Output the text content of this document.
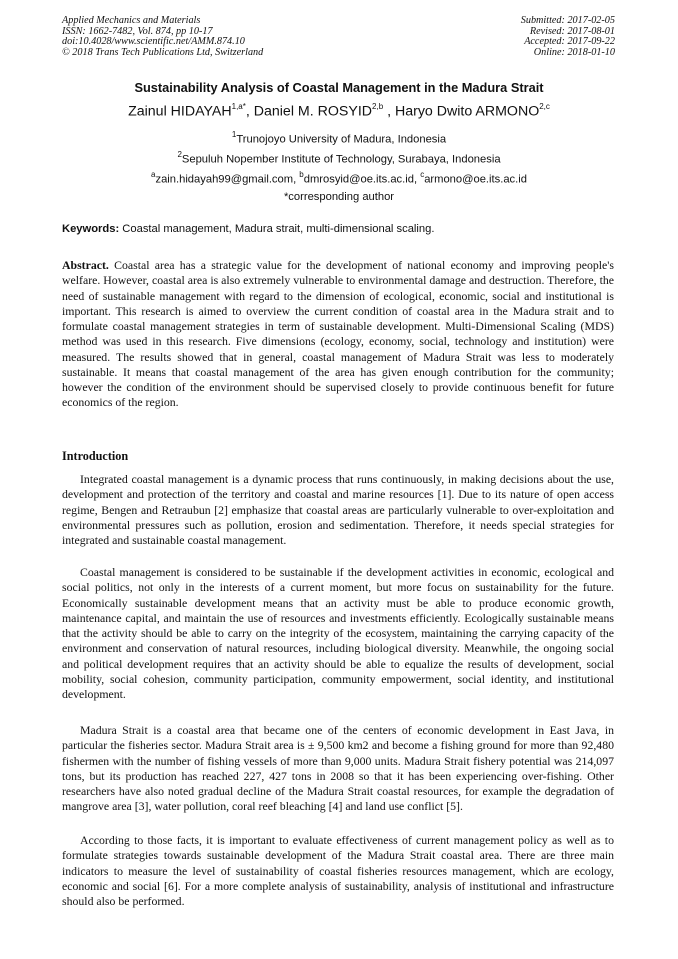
Applied Mechanics and Materials
ISSN: 1662-7482, Vol. 874, pp 10-17
doi:10.4028/www.scientific.net/AMM.874.10
© 2018 Trans Tech Publications Ltd, Switzerland
Submitted: 2017-02-05
Revised: 2017-08-01
Accepted: 2017-09-22
Online: 2018-01-10
Sustainability Analysis of Coastal Management in the Madura Strait
Zainul $HIDAYAH^{1,a*}$, Daniel M. ROSYID$^{2,b}$ , Haryo Dwito ARMONO$^{2,c}$
$^1$Trunojoyo University of Madura, Indonesia
$^2$Sepuluh Nopember Institute of Technology, Surabaya, Indonesia
$^a$zain.hidayah99@gmail.com, $^b$dmrosyid@oe.its.ac.id, $^c$armono@oe.its.ac.id
*corresponding author
Keywords: Coastal management, Madura strait, multi-dimensional scaling.

Abstract. Coastal area has a strategic value for the development of national economy and improving people's welfare. However, coastal area is also extremely vulnerable to environmental damage and destruction. Therefore, the need of sustainable management with regard to the dimension of ecological, economic, social and institutional is important. This research is aimed to overview the current condition of coastal area in the Madura strait and to formulate coastal management strategies in term of sustainable development. Multi-Dimensional Scaling (MDS) method was used in this research. Five dimensions (ecology, economy, social, technology and institution) were measured. The results showed that in general, coastal management of Madura Strait was less to moderately sustainable. It means that coastal management of the area has given enough contribution for the community; however the condition of the environment should be supervised closely to provide continuous benefit for future economics of the region.

Introduction

Integrated coastal management is a dynamic process that runs continuously, in making decisions about the use, development and protection of the territory and coastal and marine resources [1]. Due to its nature of open access regime, Bengen and Retraubun [2] emphasize that coastal areas are particularly vulnerable to over-exploitation and environmental pressures such as pollution, erosion and sedimentation. Therefore, it needs special strategies for integrated and sustainable coastal management.

Coastal management is considered to be sustainable if the development activities in economic, ecological and social politics, not only in the interests of a current moment, but more focus on sustainability for the future. Economically sustainable development means that an activity must be able to produce economic growth, maintenance capital, and maintain the use of resources and investments efficiently. Ecologically sustainable means that the activity should be able to carry on the integrity of the ecosystem, maintaining the carrying capacity of the environment and conservation of natural resources, including biological diversity. Meanwhile, the ongoing social and political development requires that an activity should be able to equalize the results of development, social mobility, social cohesion, community participation, community empowerment, social identity, and institutional development.

Madura Strait is a coastal area that became one of the centers of economic development in East Java, in particular the fisheries sector. Madura Strait area is ± 9,500 km2 and become a fishing ground for more than 92,480 fishermen with the number of fishing vessels of more than 9,000 units. Madura Strait fishery potential was 214,097 tons, but its production has reached 227, 427 tons in 2008 so that it has been experiencing over-fishing. Other researchers have also noted gradual decline of the Madura Strait coastal resources, for example the degradation of mangrove area [3], water pollution, coral reef bleaching [4] and land use conflict [5].

According to those facts, it is important to evaluate effectiveness of current management policy as well as to formulate strategies towards sustainable development of the Madura Strait coastal area. There are three main indicators to measure the level of sustainability of coastal fisheries resources management, which are ecology, economic and social [6]. For a more complete analysis of sustainability, analysis of institutional and infrastructure should also be performed.
